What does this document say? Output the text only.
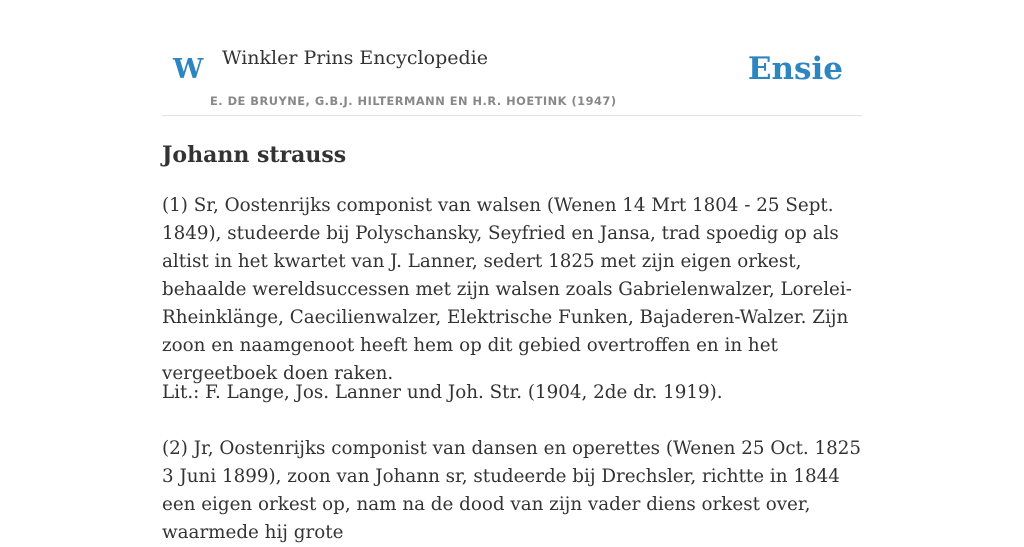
W Winkler Prins Encyclopedie
E. DE BRUYNE, G.B.J. HILTERMANN EN H.R. HOETINK (1947)
Ensie
Johann strauss

(1) Sr, Oostenrijks componist van walsen (Wenen 14 Mrt 1804 - 25 Sept. 1849), studeerde bij Polyschansky, Seyfried en Jansa, trad spoedig op als altist in het kwartet van J. Lanner, sedert 1825 met zijn eigen orkest, behaalde wereldsuccessen met zijn walsen zoals Gabrielenwalzer, Lorelei-Rheinklänge, Caecilienwalzer, Elektrische Funken, Bajaderen-Walzer. Zijn zoon en naamgenoot heeft hem op dit gebied overtroffen en in het vergeetboek doen raken.

Lit.: F. Lange, Jos. Lanner und Joh. Str. (1904, 2de dr. 1919).

(2) Jr, Oostenrijks componist van dansen en operettes (Wenen 25 Oct. 1825 3 Juni 1899), zoon van Johann sr, studeerde bij Drechsler, richtte in 1844 een eigen orkest op, nam na de dood van zijn vader diens orkest over, waarmede hij grote
